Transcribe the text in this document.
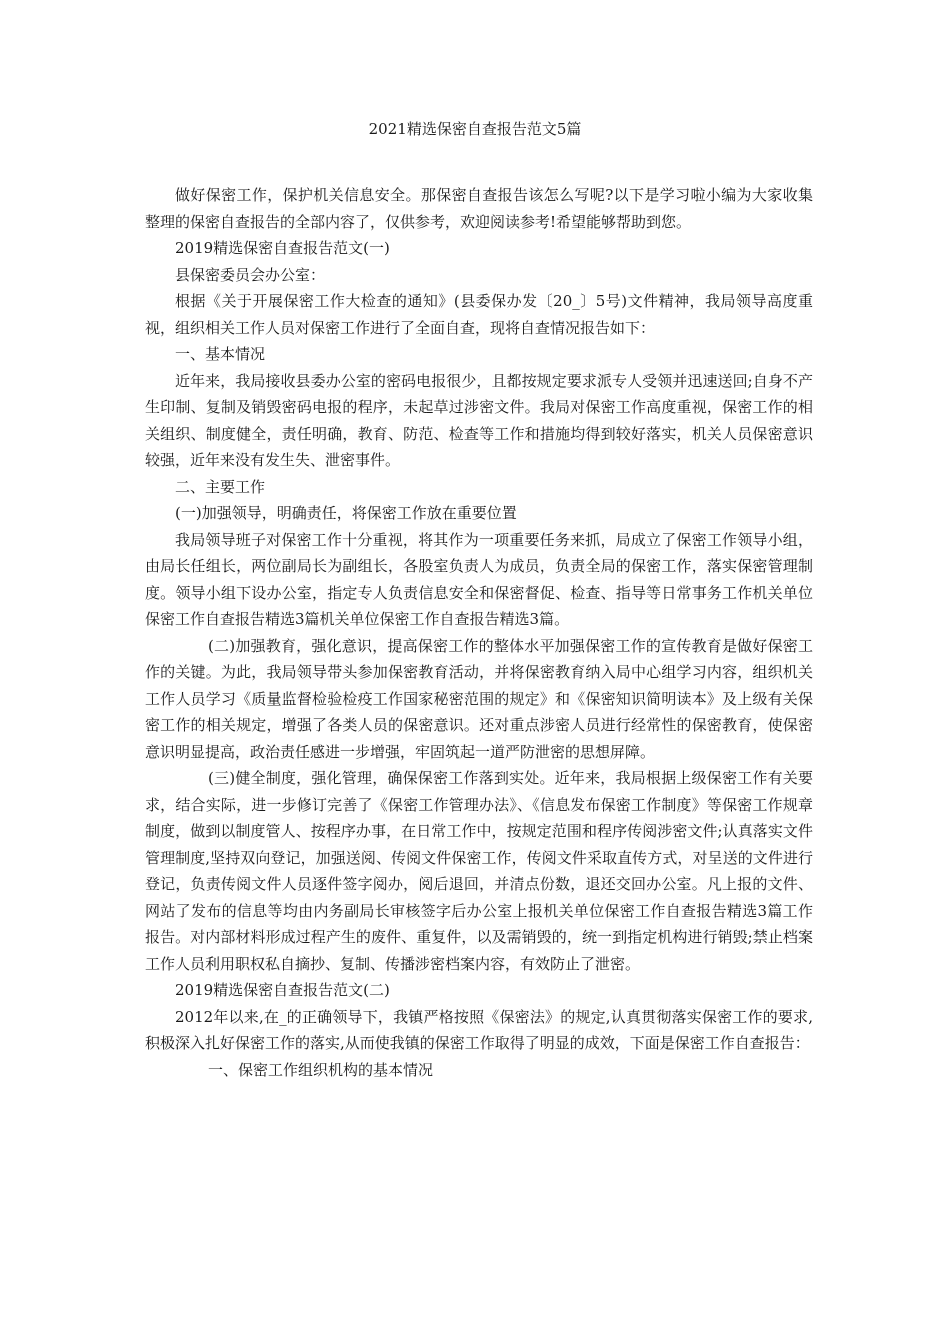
2021精选保密自查报告范文5篇

做好保密工作，保护机关信息安全。那保密自查报告该怎么写呢?以下是学习啦小编为大家收集整理的保密自查报告的全部内容了，仅供参考，欢迎阅读参考!希望能够帮助到您。

2019精选保密自查报告范文(一)

县保密委员会办公室：

根据《关于开展保密工作大检查的通知》(县委保办发〔20_〕5号)文件精神，我局领导高度重视，组织相关工作人员对保密工作进行了全面自查，现将自查情况报告如下：

一、基本情况

近年来，我局接收县委办公室的密码电报很少，且都按规定要求派专人受领并迅速送回;自身不产生印制、复制及销毁密码电报的程序，未起草过涉密文件。我局对保密工作高度重视，保密工作的相关组织、制度健全，责任明确，教育、防范、检查等工作和措施均得到较好落实，机关人员保密意识较强，近年来没有发生失、泄密事件。

二、主要工作

(一)加强领导，明确责任，将保密工作放在重要位置

我局领导班子对保密工作十分重视，将其作为一项重要任务来抓，局成立了保密工作领导小组，由局长任组长，两位副局长为副组长，各股室负责人为成员，负责全局的保密工作，落实保密管理制度。领导小组下设办公室，指定专人负责信息安全和保密督促、检查、指导等日常事务工作机关单位保密工作自查报告精选3篇机关单位保密工作自查报告精选3篇。

(二)加强教育，强化意识，提高保密工作的整体水平加强保密工作的宣传教育是做好保密工作的关键。为此，我局领导带头参加保密教育活动，并将保密教育纳入局中心组学习内容，组织机关工作人员学习《质量监督检验检疫工作国家秘密范围的规定》和《保密知识简明读本》及上级有关保密工作的相关规定，增强了各类人员的保密意识。还对重点涉密人员进行经常性的保密教育，使保密意识明显提高，政治责任感进一步增强，牢固筑起一道严防泄密的思想屏障。

(三)健全制度，强化管理，确保保密工作落到实处。近年来，我局根据上级保密工作有关要求，结合实际，进一步修订完善了《保密工作管理办法》、《信息发布保密工作制度》等保密工作规章制度，做到以制度管人、按程序办事，在日常工作中，按规定范围和程序传阅涉密文件;认真落实文件管理制度,坚持双向登记，加强送阅、传阅文件保密工作，传阅文件采取直传方式，对呈送的文件进行登记，负责传阅文件人员逐件签字阅办，阅后退回，并清点份数，退还交回办公室。凡上报的文件、网站了发布的信息等均由内务副局长审核签字后办公室上报机关单位保密工作自查报告精选3篇工作报告。对内部材料形成过程产生的废件、重复件，以及需销毁的，统一到指定机构进行销毁;禁止档案工作人员利用职权私自摘抄、复制、传播涉密档案内容，有效防止了泄密。

2019精选保密自查报告范文(二)

2012年以来,在_的正确领导下，我镇严格按照《保密法》的规定,认真贯彻落实保密工作的要求,积极深入扎好保密工作的落实,从而使我镇的保密工作取得了明显的成效，下面是保密工作自查报告：

一、保密工作组织机构的基本情况
